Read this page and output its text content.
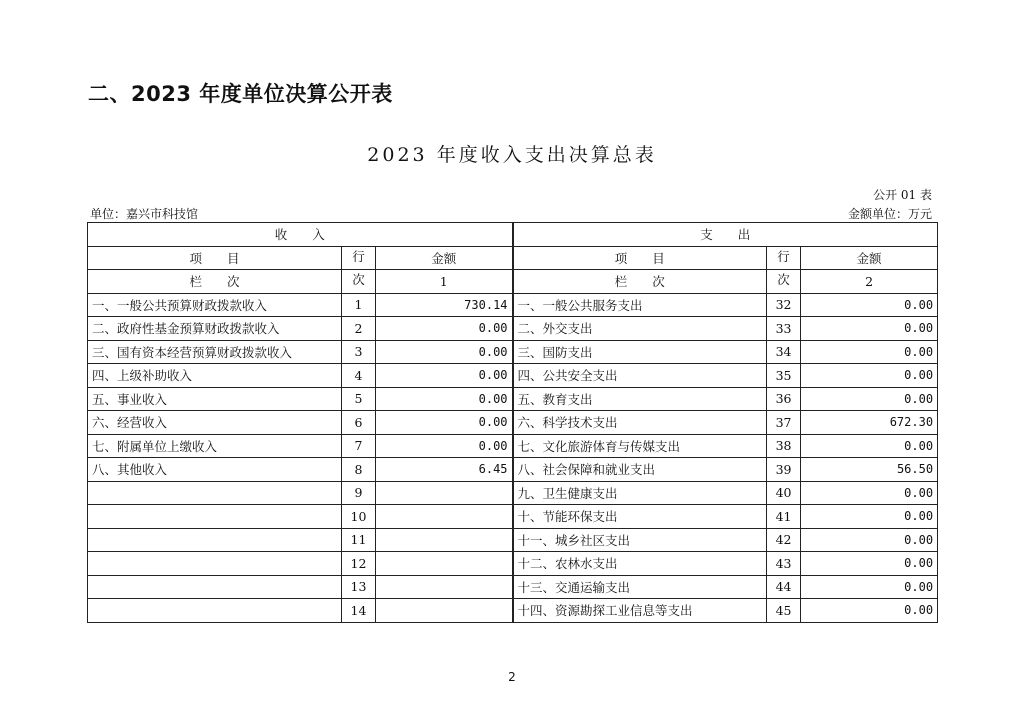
二、2023 年度单位决算公开表
2023 年度收入支出决算总表
公开 01 表
单位：嘉兴市科技馆	金额单位：万元
收　　入			支　　出		
项　　目	行	金额	项　　目	行	金额
栏　　次	次	1	栏　　次	次	2
一、一般公共预算财政拨款收入	1	730.14	一、一般公共服务支出	32	0.00
二、政府性基金预算财政拨款收入	2	0.00	二、外交支出	33	0.00
三、国有资本经营预算财政拨款收入	3	0.00	三、国防支出	34	0.00
四、上级补助收入	4	0.00	四、公共安全支出	35	0.00
五、事业收入	5	0.00	五、教育支出	36	0.00
六、经营收入	6	0.00	六、科学技术支出	37	672.30
七、附属单位上缴收入	7	0.00	七、文化旅游体育与传媒支出	38	0.00
八、其他收入	8	6.45	八、社会保障和就业支出	39	56.50
	9		九、卫生健康支出	40	0.00
	10		十、节能环保支出	41	0.00
	11		十一、城乡社区支出	42	0.00
	12		十二、农林水支出	43	0.00
	13		十三、交通运输支出	44	0.00
	14		十四、资源勘探工业信息等支出	45	0.00
2
